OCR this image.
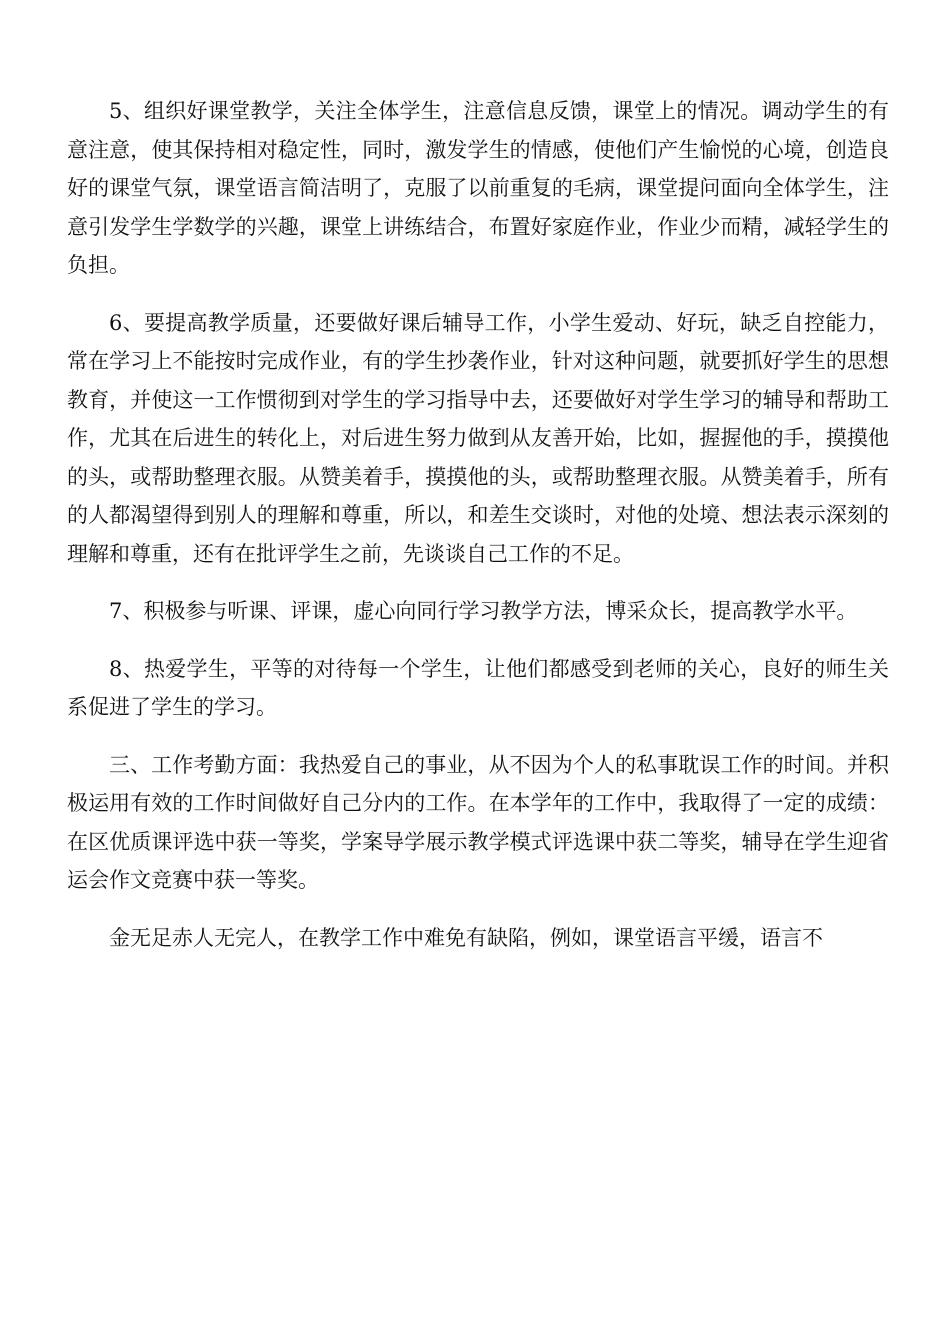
5、组织好课堂教学，关注全体学生，注意信息反馈，课堂上的情况。调动学生的有意注意，使其保持相对稳定性，同时，激发学生的情感，使他们产生愉悦的心境，创造良好的课堂气氛，课堂语言简洁明了，克服了以前重复的毛病，课堂提问面向全体学生，注意引发学生学数学的兴趣，课堂上讲练结合，布置好家庭作业，作业少而精，减轻学生的负担。

6、要提高教学质量，还要做好课后辅导工作，小学生爱动、好玩，缺乏自控能力，常在学习上不能按时完成作业，有的学生抄袭作业，针对这种问题，就要抓好学生的思想教育，并使这一工作惯彻到对学生的学习指导中去，还要做好对学生学习的辅导和帮助工作，尤其在后进生的转化上，对后进生努力做到从友善开始，比如，握握他的手，摸摸他的头，或帮助整理衣服。从赞美着手，摸摸他的头，或帮助整理衣服。从赞美着手，所有的人都渴望得到别人的理解和尊重，所以，和差生交谈时，对他的处境、想法表示深刻的理解和尊重，还有在批评学生之前，先谈谈自己工作的不足。

7、积极参与听课、评课，虚心向同行学习教学方法，博采众长，提高教学水平。

8、热爱学生，平等的对待每一个学生，让他们都感受到老师的关心，良好的师生关系促进了学生的学习。

三、工作考勤方面：我热爱自己的事业，从不因为个人的私事耽误工作的时间。并积极运用有效的工作时间做好自己分内的工作。在本学年的工作中，我取得了一定的成绩：在区优质课评选中获一等奖，学案导学展示教学模式评选课中获二等奖，辅导在学生迎省运会作文竞赛中获一等奖。

金无足赤人无完人，在教学工作中难免有缺陷，例如，课堂语言平缓，语言不
